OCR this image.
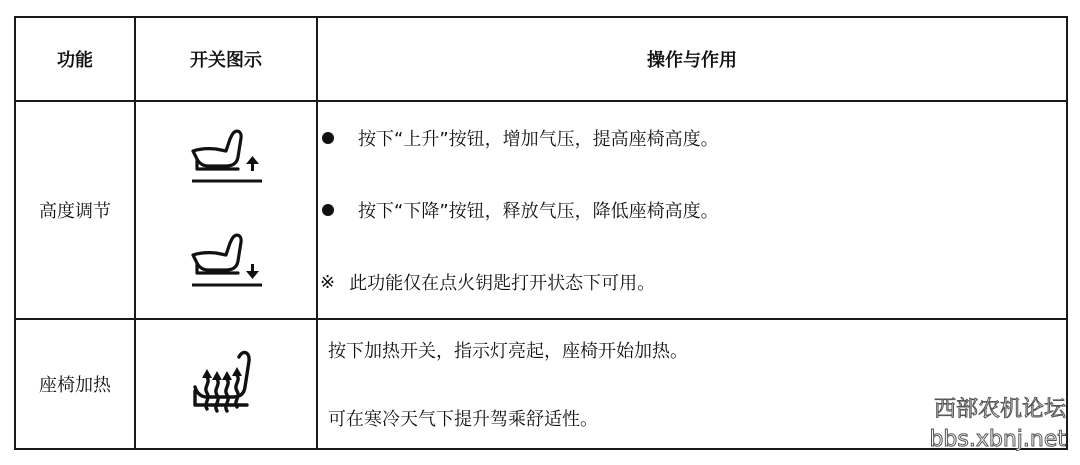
功能	开关图示	操作与作用
高度调节		按下“上升”按钮，增加气压，提高座椅高度。
按下“下降”按钮，释放气压，降低座椅高度。
※ 此功能仅在点火钥匙打开状态下可用。

座椅加热		按下加热开关，指示灯亮起，座椅开始加热。
可在寒冷天气下提升驾乘舒适性。	西部农机论坛
bbs.xbnj.net
